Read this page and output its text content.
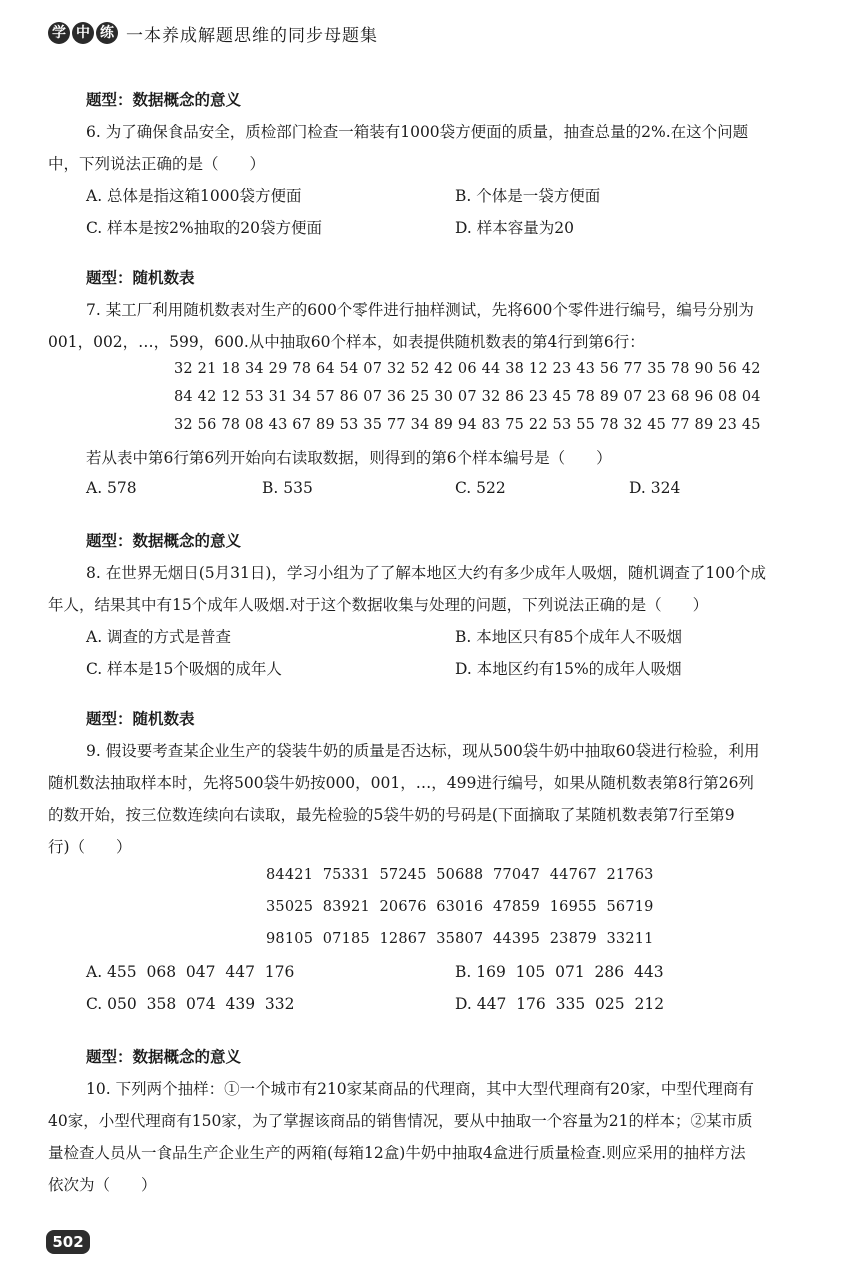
学 中 练 一本养成解题思维的同步母题集
题型：数据概念的意义
6. 为了确保食品安全，质检部门检查一箱装有1000袋方便面的质量，抽查总量的2%.在这个问题
中，下列说法正确的是（　　）
A. 总体是指这箱1000袋方便面	B. 个体是一袋方便面
C. 样本是按2%抽取的20袋方便面	D. 样本容量为20
题型：随机数表
7. 某工厂利用随机数表对生产的600个零件进行抽样测试，先将600个零件进行编号，编号分别为
001，002，…，599，600.从中抽取60个样本，如表提供随机数表的第4行到第6行：
32 21 18 34 29 78 64 54 07 32 52 42 06 44 38 12 23 43 56 77 35 78 90 56 42
84 42 12 53 31 34 57 86 07 36 25 30 07 32 86 23 45 78 89 07 23 68 96 08 04
32 56 78 08 43 67 89 53 35 77 34 89 94 83 75 22 53 55 78 32 45 77 89 23 45
若从表中第6行第6列开始向右读取数据，则得到的第6个样本编号是（　　）
A. 578	B. 535	C. 522	D. 324
题型：数据概念的意义
8. 在世界无烟日(5月31日)，学习小组为了了解本地区大约有多少成年人吸烟，随机调查了100个成
年人，结果其中有15个成年人吸烟.对于这个数据收集与处理的问题，下列说法正确的是（　　）
A. 调查的方式是普查	B. 本地区只有85个成年人不吸烟
C. 样本是15个吸烟的成年人	D. 本地区约有15%的成年人吸烟
题型：随机数表
9. 假设要考查某企业生产的袋装牛奶的质量是否达标，现从500袋牛奶中抽取60袋进行检验，利用
随机数法抽取样本时，先将500袋牛奶按000，001，…，499进行编号，如果从随机数表第8行第26列
的数开始，按三位数连续向右读取，最先检验的5袋牛奶的号码是(下面摘取了某随机数表第7行至第9
行)（　　）
84421  75331  57245  50688  77047  44767  21763
35025  83921  20676  63016  47859  16955  56719
98105  07185  12867  35807  44395  23879  33211
A. 455  068  047  447  176	B. 169  105  071  286  443
C. 050  358  074  439  332	D. 447  176  335  025  212
题型：数据概念的意义
10. 下列两个抽样：①一个城市有210家某商品的代理商，其中大型代理商有20家，中型代理商有
40家，小型代理商有150家，为了掌握该商品的销售情况，要从中抽取一个容量为21的样本；②某市质
量检查人员从一食品生产企业生产的两箱(每箱12盒)牛奶中抽取4盒进行质量检查.则应采用的抽样方法
依次为（　　）
502
